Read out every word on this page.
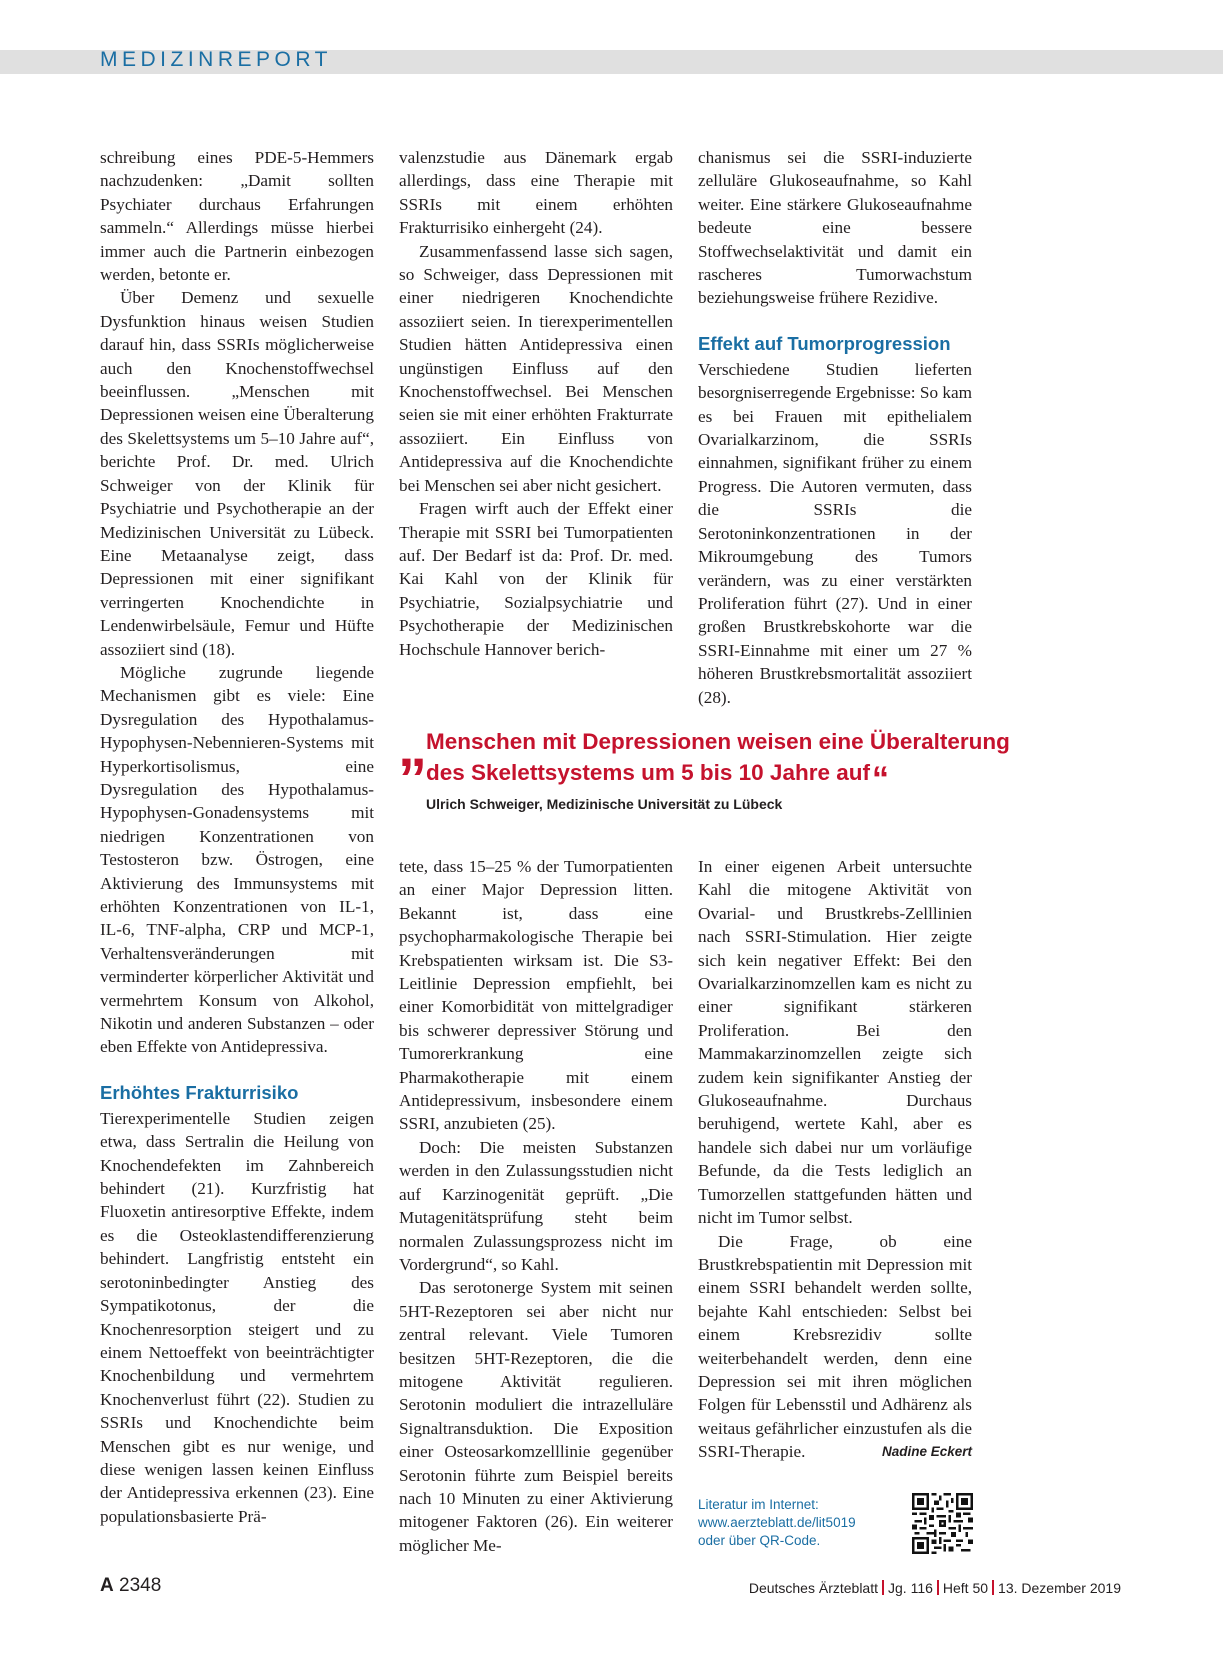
MEDIZINREPORT

schreibung eines PDE-5-Hemmers nachzudenken: „Damit sollten Psychiater durchaus Erfahrungen sammeln.“ Allerdings müsse hierbei immer auch die Partnerin einbezogen werden, betonte er.

Über Demenz und sexuelle Dysfunktion hinaus weisen Studien darauf hin, dass SSRIs möglicherweise auch den Knochenstoffwechsel beeinflussen. „Menschen mit Depressionen weisen eine Überalterung des Skelettsystems um 5–10 Jahre auf“, berichte Prof. Dr. med. Ulrich Schweiger von der Klinik für Psychiatrie und Psychotherapie an der Medizinischen Universität zu Lübeck. Eine Metaanalyse zeigt, dass Depressionen mit einer signifikant verringerten Knochendichte in Lendenwirbelsäule, Femur und Hüfte assoziiert sind (18).

Mögliche zugrunde liegende Mechanismen gibt es viele: Eine Dysregulation des Hypothalamus-Hypophysen-Nebennieren-Systems mit Hyperkortisolismus, eine Dysregulation des Hypothalamus-Hypophysen-Gonadensystems mit niedrigen Konzentrationen von Testosteron bzw. Östrogen, eine Aktivierung des Immunsystems mit erhöhten Konzentrationen von IL-1, IL-6, TNF-alpha, CRP und MCP-1, Verhaltensveränderungen mit verminderter körperlicher Aktivität und vermehrtem Konsum von Alkohol, Nikotin und anderen Substanzen – oder eben Effekte von Antidepressiva.

Erhöhtes Frakturrisiko

Tierexperimentelle Studien zeigen etwa, dass Sertralin die Heilung von Knochendefekten im Zahnbereich behindert (21). Kurzfristig hat Fluoxetin antiresorptive Effekte, indem es die Osteoklastendifferenzierung behindert. Langfristig entsteht ein serotoninbedingter Anstieg des Sympatikotonus, der die Knochenresorption steigert und zu einem Nettoeffekt von beeinträchtigter Knochenbildung und vermehrtem Knochenverlust führt (22). Studien zu SSRIs und Knochendichte beim Menschen gibt es nur wenige, und diese wenigen lassen keinen Einfluss der Antidepressiva erkennen (23). Eine populationsbasierte Prä-

valenzstudie aus Dänemark ergab allerdings, dass eine Therapie mit SSRIs mit einem erhöhten Frakturrisiko einhergeht (24).

Zusammenfassend lasse sich sagen, so Schweiger, dass Depressionen mit einer niedrigeren Knochendichte assoziiert seien. In tierexperimentellen Studien hätten Antidepressiva einen ungünstigen Einfluss auf den Knochenstoffwechsel. Bei Menschen seien sie mit einer erhöhten Frakturrate assoziiert. Ein Einfluss von Antidepressiva auf die Knochendichte bei Menschen sei aber nicht gesichert.

Fragen wirft auch der Effekt einer Therapie mit SSRI bei Tumorpatienten auf. Der Bedarf ist da: Prof. Dr. med. Kai Kahl von der Klinik für Psychiatrie, Sozialpsychiatrie und Psychotherapie der Medizinischen Hochschule Hannover berich-

chanismus sei die SSRI-induzierte zelluläre Glukoseaufnahme, so Kahl weiter. Eine stärkere Glukoseaufnahme bedeute eine bessere Stoffwechselaktivität und damit ein rascheres Tumorwachstum beziehungsweise frühere Rezidive.

Effekt auf Tumorprogression

Verschiedene Studien lieferten besorgniserregende Ergebnisse: So kam es bei Frauen mit epithelialem Ovarialkarzinom, die SSRIs einnahmen, signifikant früher zu einem Progress. Die Autoren vermuten, dass die SSRIs die Serotoninkonzentrationen in der Mikroumgebung des Tumors verändern, was zu einer verstärkten Proliferation führt (27). Und in einer großen Brustkrebskohorte war die SSRI-Einnahme mit einer um 27 % höheren Brustkrebsmortalität assoziiert (28).

„ Menschen mit Depressionen weisen eine Überalterung des Skelettsystems um 5 bis 10 Jahre auf“
Ulrich Schweiger, Medizinische Universität zu Lübeck

tete, dass 15–25 % der Tumorpatienten an einer Major Depression litten. Bekannt ist, dass eine psychopharmakologische Therapie bei Krebspatienten wirksam ist. Die S3-Leitlinie Depression empfiehlt, bei einer Komorbidität von mittelgradiger bis schwerer depressiver Störung und Tumorerkrankung eine Pharmakotherapie mit einem Antidepressivum, insbesondere einem SSRI, anzubieten (25).

Doch: Die meisten Substanzen werden in den Zulassungsstudien nicht auf Karzinogenität geprüft. „Die Mutagenitätsprüfung steht beim normalen Zulassungsprozess nicht im Vordergrund“, so Kahl.

Das serotonerge System mit seinen 5HT-Rezeptoren sei aber nicht nur zentral relevant. Viele Tumoren besitzen 5HT-Rezeptoren, die die mitogene Aktivität regulieren. Serotonin moduliert die intrazelluläre Signaltransduktion. Die Exposition einer Osteosarkomzelllinie gegenüber Serotonin führte zum Beispiel bereits nach 10 Minuten zu einer Aktivierung mitogener Faktoren (26). Ein weiterer möglicher Me-

In einer eigenen Arbeit untersuchte Kahl die mitogene Aktivität von Ovarial- und Brustkrebs-Zelllinien nach SSRI-Stimulation. Hier zeigte sich kein negativer Effekt: Bei den Ovarialkarzinomzellen kam es nicht zu einer signifikant stärkeren Proliferation. Bei den Mammakarzinomzellen zeigte sich zudem kein signifikanter Anstieg der Glukoseaufnahme. Durchaus beruhigend, wertete Kahl, aber es handele sich dabei nur um vorläufige Befunde, da die Tests lediglich an Tumorzellen stattgefunden hätten und nicht im Tumor selbst.

Die Frage, ob eine Brustkrebspatientin mit Depression mit einem SSRI behandelt werden sollte, bejahte Kahl entschieden: Selbst bei einem Krebsrezidiv sollte weiterbehandelt werden, denn eine Depression sei mit ihren möglichen Folgen für Lebensstil und Adhärenz als weitaus gefährlicher einzustufen als die SSRI-Therapie.	Nadine Eckert

Literatur im Internet:
www.aerzteblatt.de/lit5019
oder über QR-Code.
A 2348	Deutsches Ärzteblatt Jg. 116 Heft 50 13. Dezember 2019
